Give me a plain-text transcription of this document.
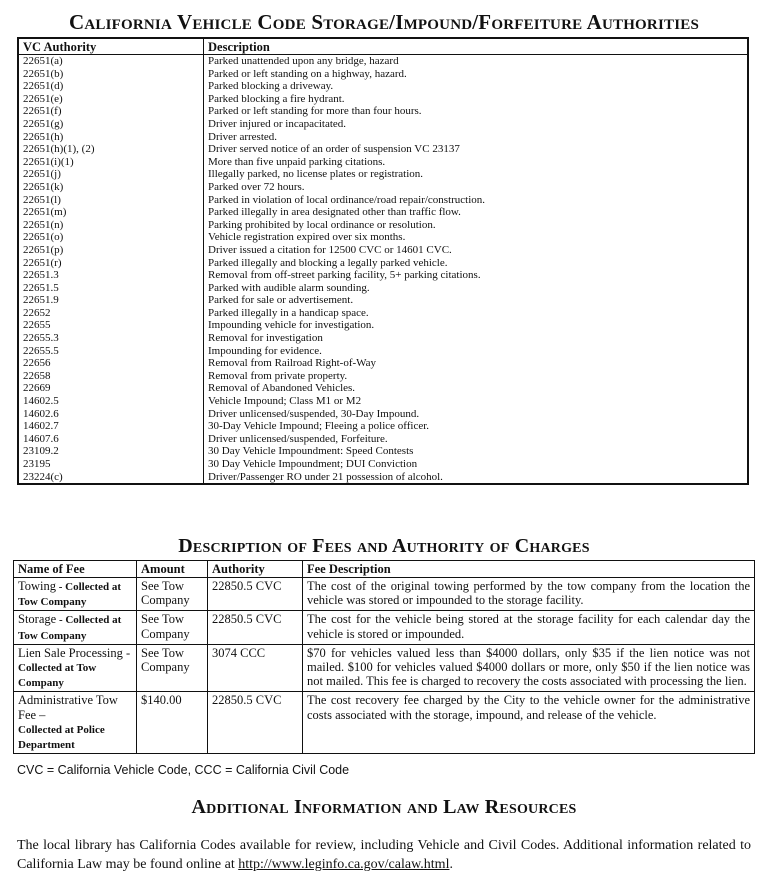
California Vehicle Code Storage/Impound/Forfeiture Authorities
VC Authority	Description
22651(a)	Parked unattended upon any bridge, hazard
22651(b)	Parked or left standing on a highway, hazard.
22651(d)	Parked blocking a driveway.
22651(e)	Parked blocking a fire hydrant.
22651(f)	Parked or left standing for more than four hours.
22651(g)	Driver injured or incapacitated.
22651(h)	Driver arrested.
22651(h)(1), (2)	Driver served notice of an order of suspension VC 23137
22651(i)(1)	More than five unpaid parking citations.
22651(j)	Illegally parked, no license plates or registration.
22651(k)	Parked over 72 hours.
22651(l)	Parked in violation of local ordinance/road repair/construction.
22651(m)	Parked illegally in area designated other than traffic flow.
22651(n)	Parking prohibited by local ordinance or resolution.
22651(o)	Vehicle registration expired over six months.
22651(p)	Driver issued a citation for 12500 CVC or 14601 CVC.
22651(r)	Parked illegally and blocking a legally parked vehicle.
22651.3	Removal from off-street parking facility, 5+ parking citations.
22651.5	Parked with audible alarm sounding.
22651.9	Parked for sale or advertisement.
22652	Parked illegally in a handicap space.
22655	Impounding vehicle for investigation.
22655.3	Removal for investigation
22655.5	Impounding for evidence.
22656	Removal from Railroad Right-of-Way
22658	Removal from private property.
22669	Removal of Abandoned Vehicles.
14602.5	Vehicle Impound; Class M1 or M2
14602.6	Driver unlicensed/suspended, 30-Day Impound.
14602.7	30-Day Vehicle Impound; Fleeing a police officer.
14607.6	Driver unlicensed/suspended, Forfeiture.
23109.2	30 Day Vehicle Impoundment: Speed Contests
23195	30 Day Vehicle Impoundment; DUI Conviction
23224(c)	Driver/Passenger RO under 21 possession of alcohol.
Description of Fees and Authority of Charges
Name of Fee	Amount	Authority	Fee Description
Towing - Collected at Tow Company	See Tow Company	22850.5 CVC	The cost of the original towing performed by the tow company from the location the vehicle was stored or impounded to the storage facility.
Storage - Collected at Tow Company	See Tow Company	22850.5 CVC	The cost for the vehicle being stored at the storage facility for each calendar day the vehicle is stored or impounded.
Lien Sale Processing -
Collected at Tow Company	See Tow Company	3074 CCC	$70 for vehicles valued less than $4000 dollars, only $35 if the lien notice was not mailed. $100 for vehicles valued $4000 dollars or more, only $50 if the lien notice was not mailed. This fee is charged to recovery the costs associated with processing the lien.
Administrative Tow Fee –
Collected at Police Department	$140.00	22850.5 CVC	The cost recovery fee charged by the City to the vehicle owner for the administrative costs associated with the storage, impound, and release of the vehicle.
CVC = California Vehicle Code, CCC = California Civil Code
Additional Information and Law Resources

The local library has California Codes available for review, including Vehicle and Civil Codes. Additional information related to California Law may be found online at http://www.leginfo.ca.gov/calaw.html.
